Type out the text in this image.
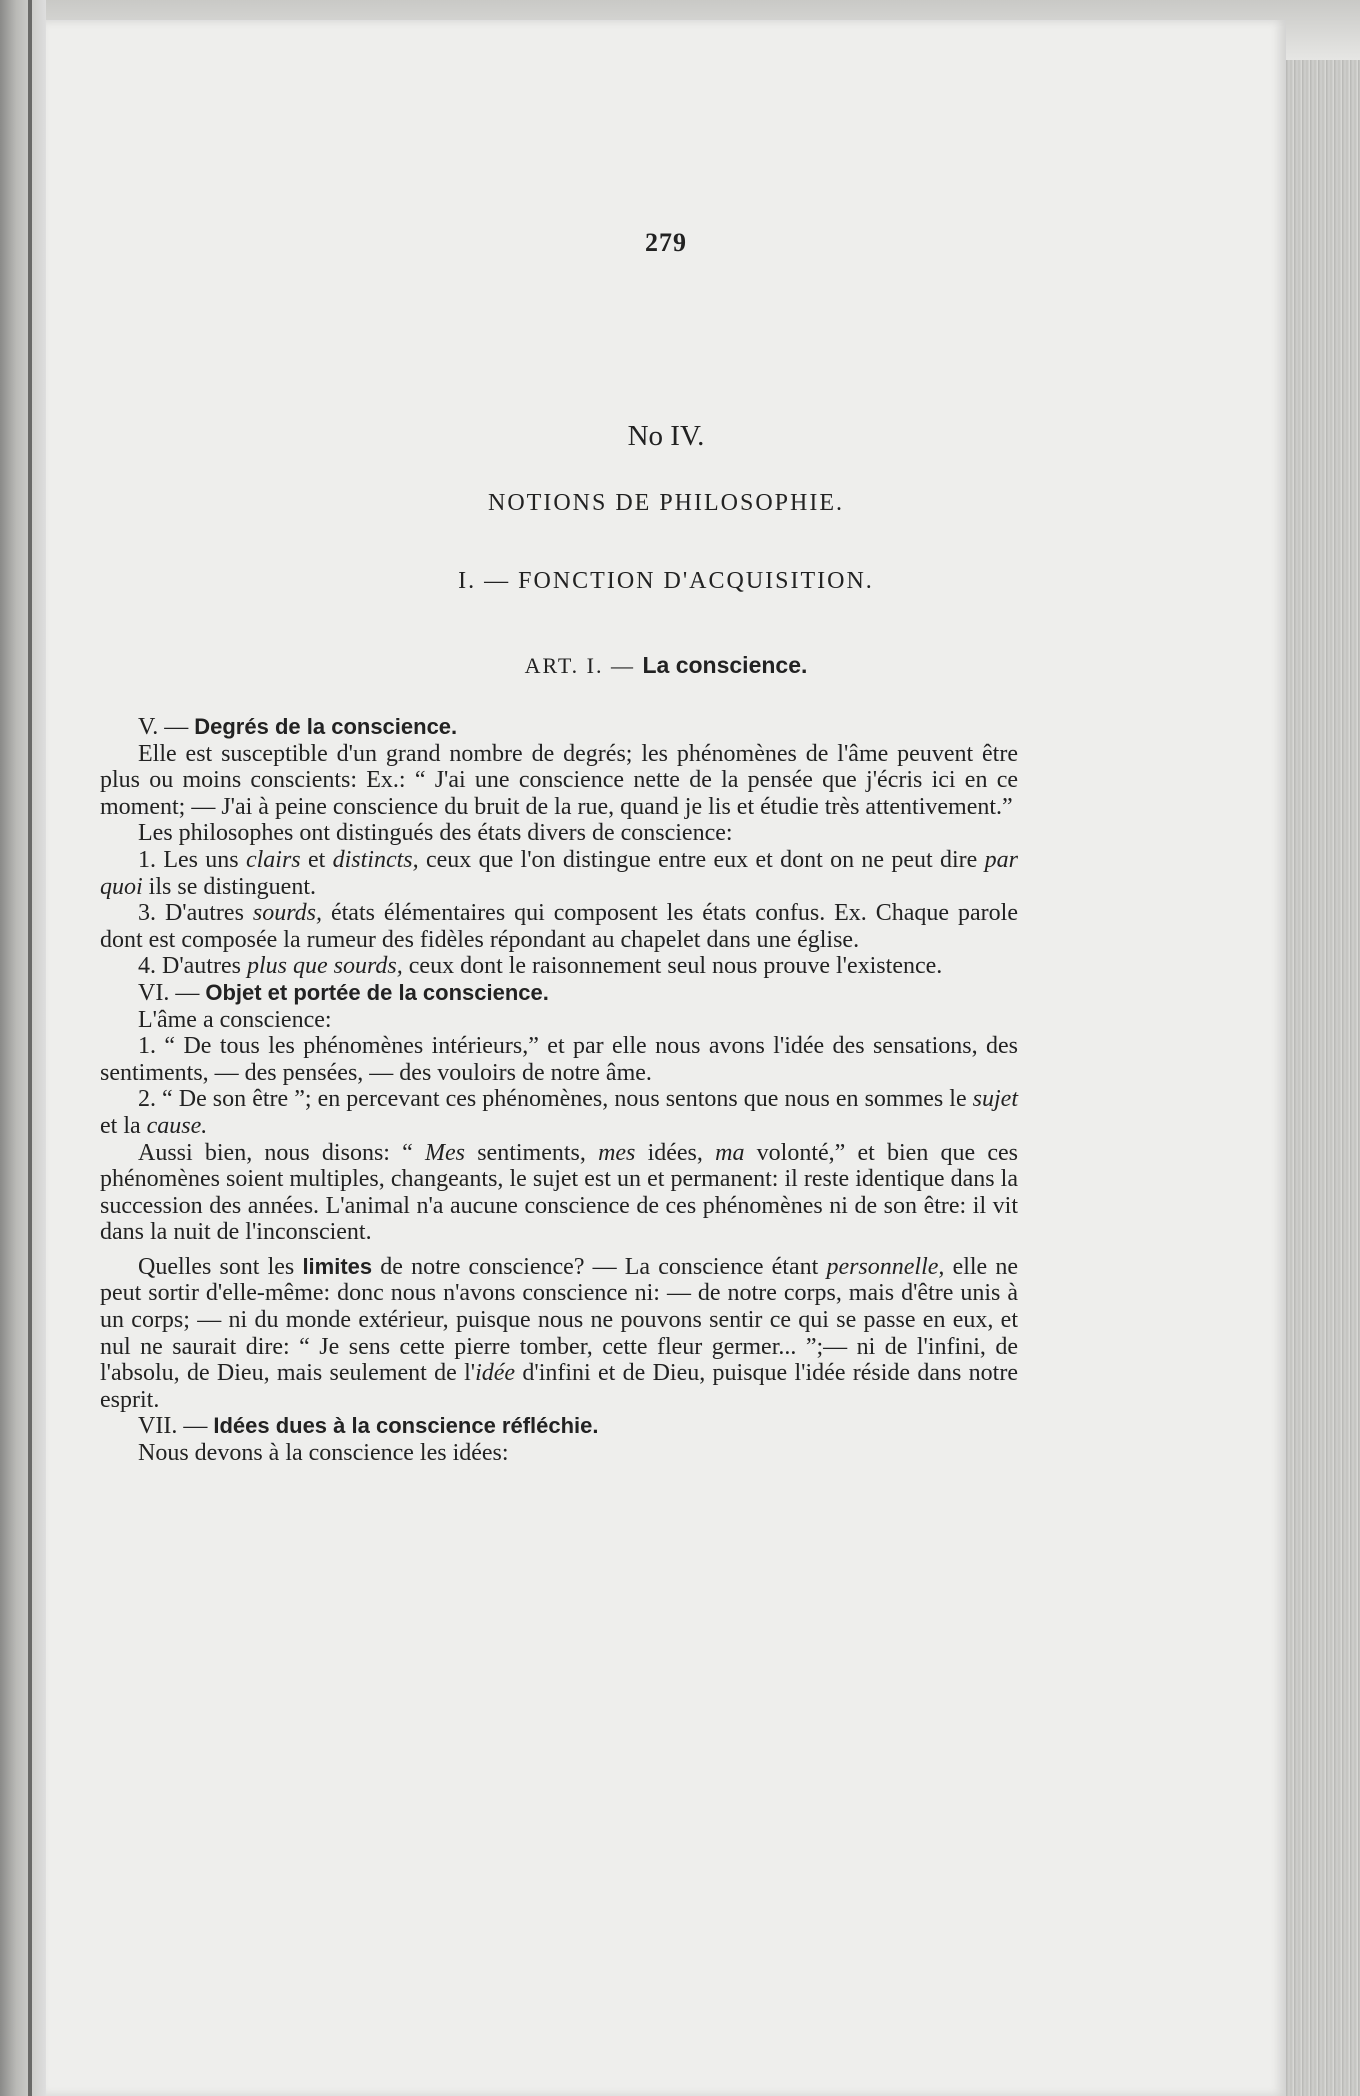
279
No IV.
NOTIONS DE PHILOSOPHIE.
I. — FONCTION D'ACQUISITION.
ART. I. — La conscience.

V. — Degrés de la conscience.

Elle est susceptible d'un grand nombre de degrés; les phénomènes de l'âme peuvent être plus ou moins conscients: Ex.: “ J'ai une conscience nette de la pensée que j'écris ici en ce moment; — J'ai à peine conscience du bruit de la rue, quand je lis et étudie très attentivement.”

Les philosophes ont distingués des états divers de conscience:

1. Les uns clairs et distincts, ceux que l'on distingue entre eux et dont on ne peut dire par quoi ils se distinguent.

3. D'autres sourds, états élémentaires qui composent les états confus. Ex. Chaque parole dont est composée la rumeur des fidèles répondant au chapelet dans une église.

4. D'autres plus que sourds, ceux dont le raisonnement seul nous prouve l'existence.

VI. — Objet et portée de la conscience.

L'âme a conscience:

1. “ De tous les phénomènes intérieurs,” et par elle nous avons l'idée des sensations, des sentiments, — des pensées, — des vouloirs de notre âme.

2. “ De son être ”; en percevant ces phénomènes, nous sentons que nous en sommes le sujet et la cause.

Aussi bien, nous disons: “ Mes sentiments, mes idées, ma volonté,” et bien que ces phénomènes soient multiples, changeants, le sujet est un et permanent: il reste identique dans la succession des années. L'animal n'a aucune conscience de ces phénomènes ni de son être: il vit dans la nuit de l'inconscient.

Quelles sont les limites de notre conscience? — La conscience étant personnelle, elle ne peut sortir d'elle-même: donc nous n'avons conscience ni: — de notre corps, mais d'être unis à un corps; — ni du monde extérieur, puisque nous ne pouvons sentir ce qui se passe en eux, et nul ne saurait dire: “ Je sens cette pierre tomber, cette fleur germer... ”;— ni de l'infini, de l'absolu, de Dieu, mais seulement de l'idée d'infini et de Dieu, puisque l'idée réside dans notre esprit.

VII. — Idées dues à la conscience réfléchie.

Nous devons à la conscience les idées:
